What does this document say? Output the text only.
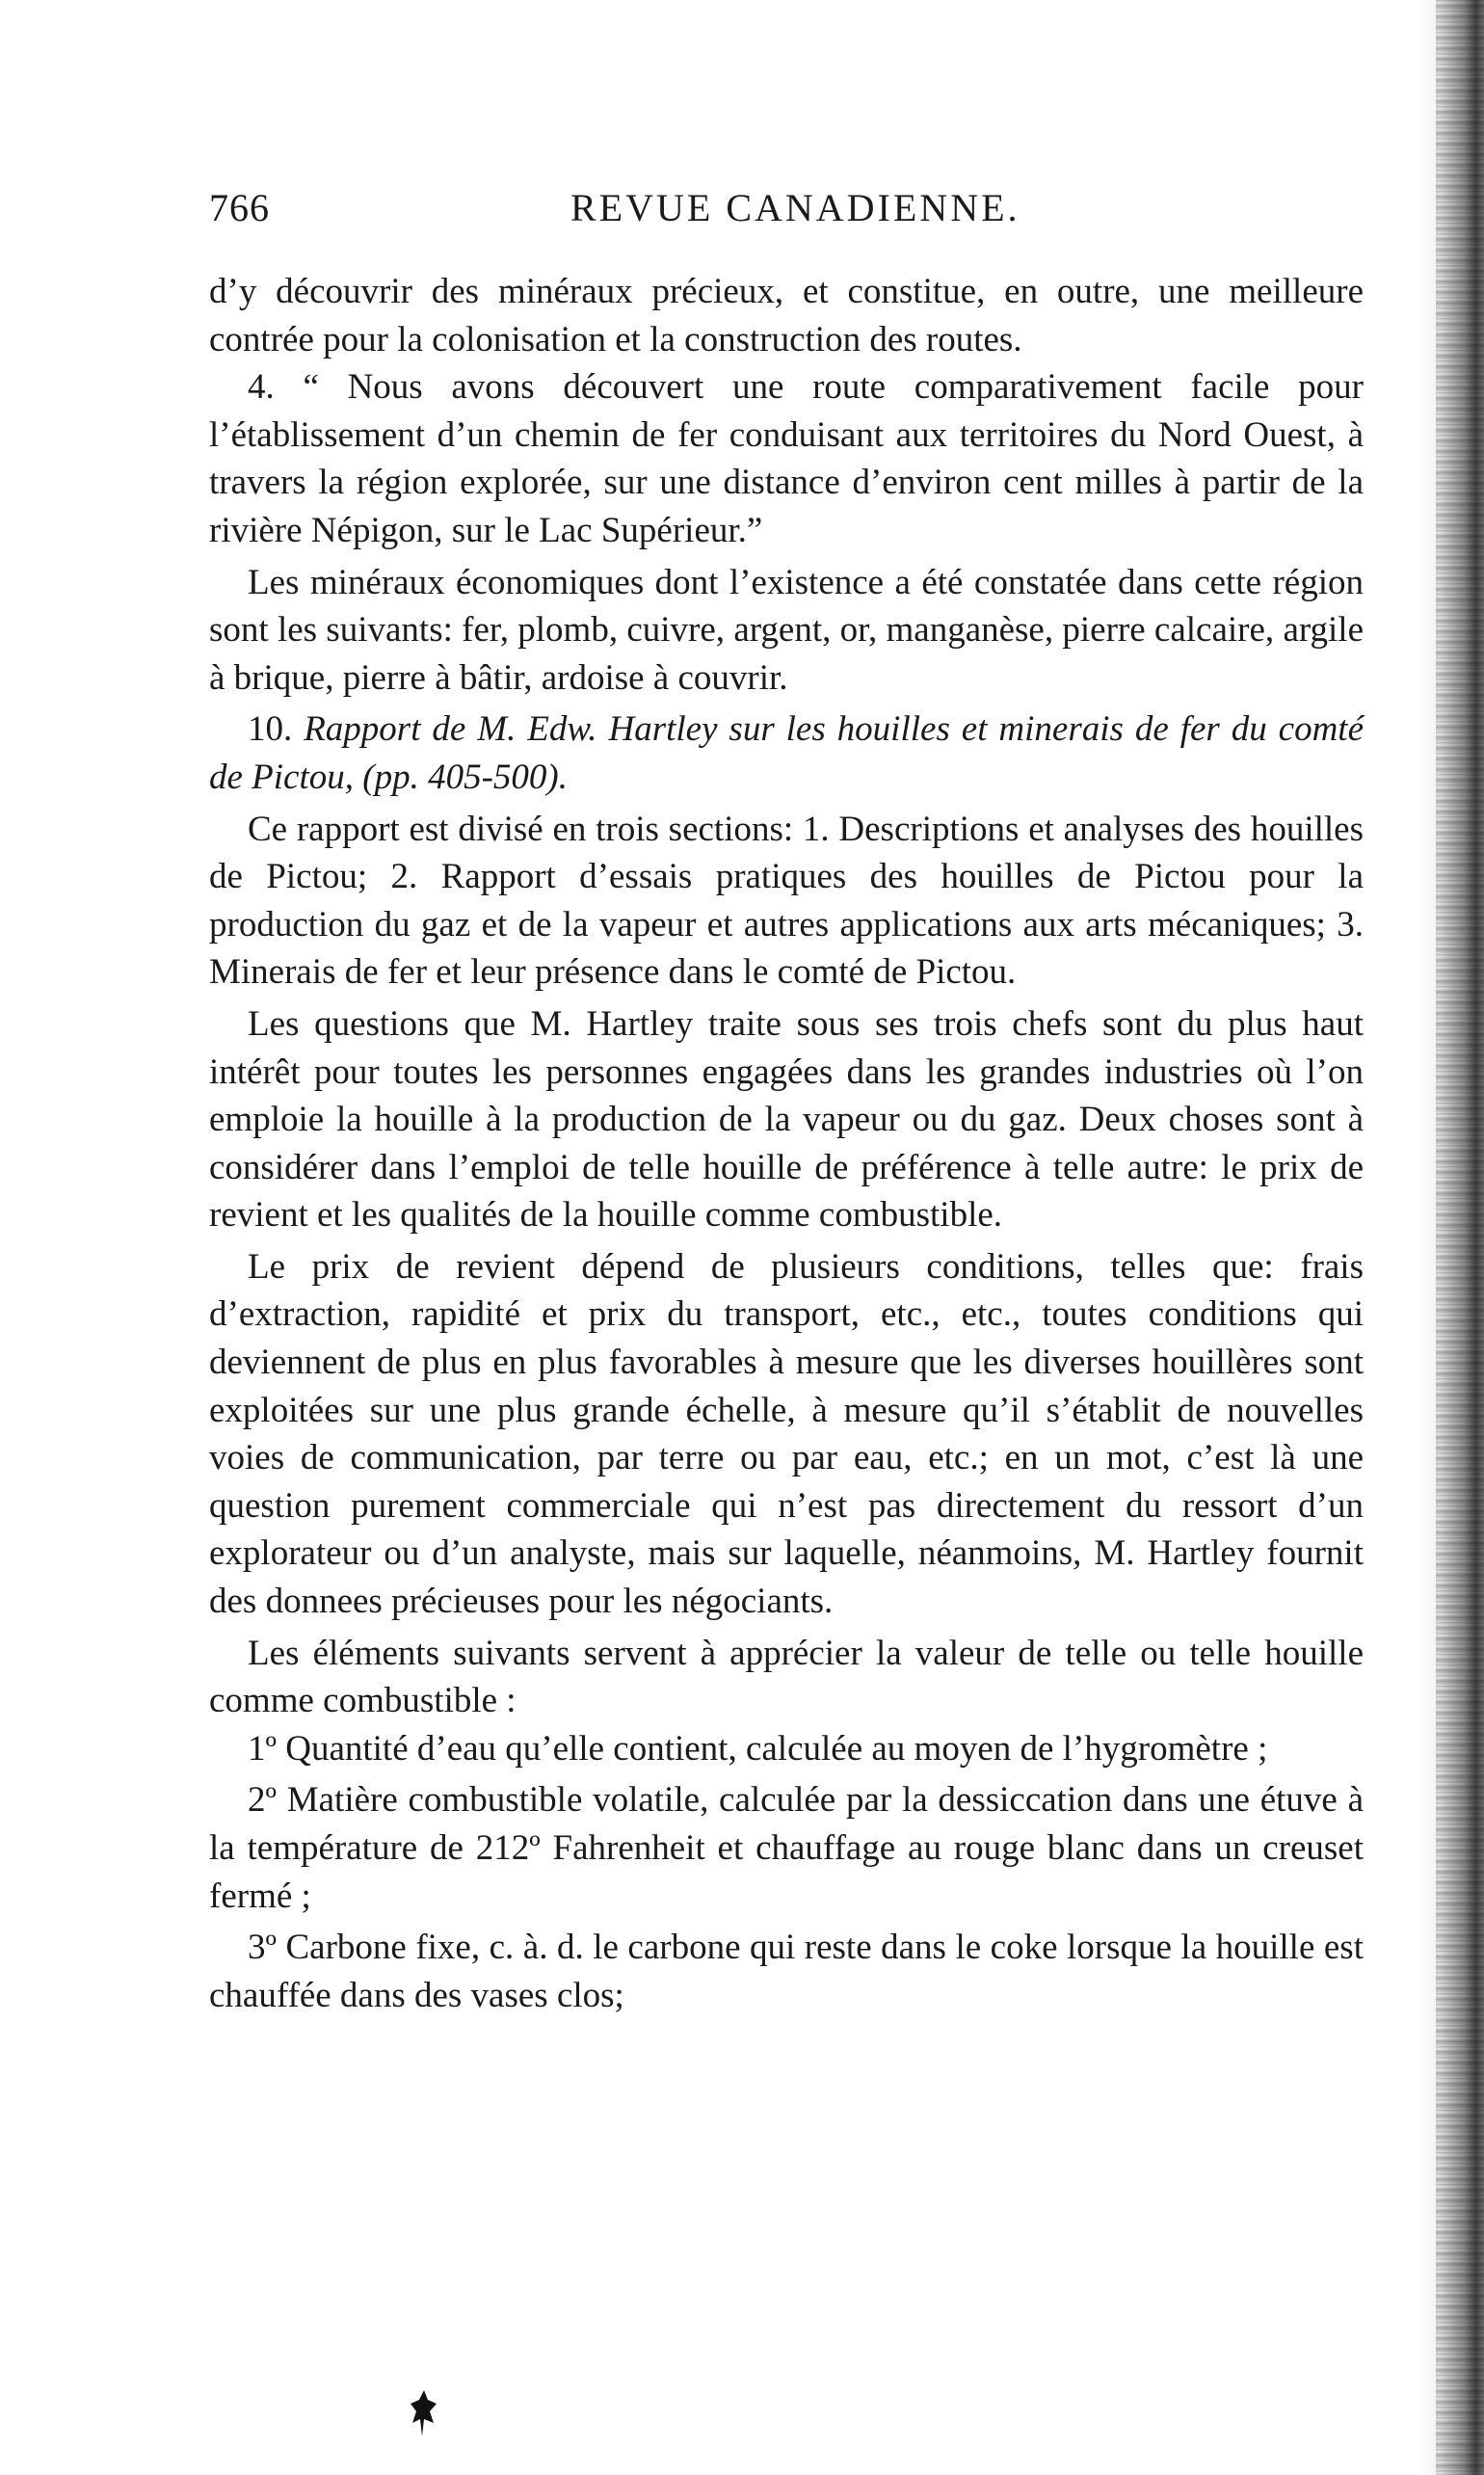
766	REVUE CANADIENNE.

d’y découvrir des minéraux précieux, et constitue, en outre, une meilleure contrée pour la colonisation et la construction des routes.

4. “ Nous avons découvert une route comparativement facile pour l’établissement d’un chemin de fer conduisant aux territoires du Nord Ouest, à travers la région explorée, sur une distance d’environ cent milles à partir de la rivière Népigon, sur le Lac Supérieur.”

Les minéraux économiques dont l’existence a été constatée dans cette région sont les suivants: fer, plomb, cuivre, argent, or, manganèse, pierre calcaire, argile à brique, pierre à bâtir, ardoise à couvrir.

10. Rapport de M. Edw. Hartley sur les houilles et minerais de fer du comté de Pictou, (pp. 405-500).

Ce rapport est divisé en trois sections: 1. Descriptions et analyses des houilles de Pictou; 2. Rapport d’essais pratiques des houilles de Pictou pour la production du gaz et de la vapeur et autres applications aux arts mécaniques; 3. Minerais de fer et leur présence dans le comté de Pictou.

Les questions que M. Hartley traite sous ses trois chefs sont du plus haut intérêt pour toutes les personnes engagées dans les grandes industries où l’on emploie la houille à la production de la vapeur ou du gaz. Deux choses sont à considérer dans l’emploi de telle houille de préférence à telle autre: le prix de revient et les qualités de la houille comme combustible.

Le prix de revient dépend de plusieurs conditions, telles que: frais d’extraction, rapidité et prix du transport, etc., etc., toutes conditions qui deviennent de plus en plus favorables à mesure que les diverses houillères sont exploitées sur une plus grande échelle, à mesure qu’il s’établit de nouvelles voies de communication, par terre ou par eau, etc.; en un mot, c’est là une question purement commerciale qui n’est pas directement du ressort d’un explorateur ou d’un analyste, mais sur laquelle, néanmoins, M. Hartley fournit des donnees précieuses pour les négociants.

Les éléments suivants servent à apprécier la valeur de telle ou telle houille comme combustible :

1º Quantité d’eau qu’elle contient, calculée au moyen de l’hygromètre ;

2º Matière combustible volatile, calculée par la dessiccation dans une étuve à la température de 212º Fahrenheit et chauffage au rouge blanc dans un creuset fermé ;

3º Carbone fixe, c. à. d. le carbone qui reste dans le coke lorsque la houille est chauffée dans des vases clos;
